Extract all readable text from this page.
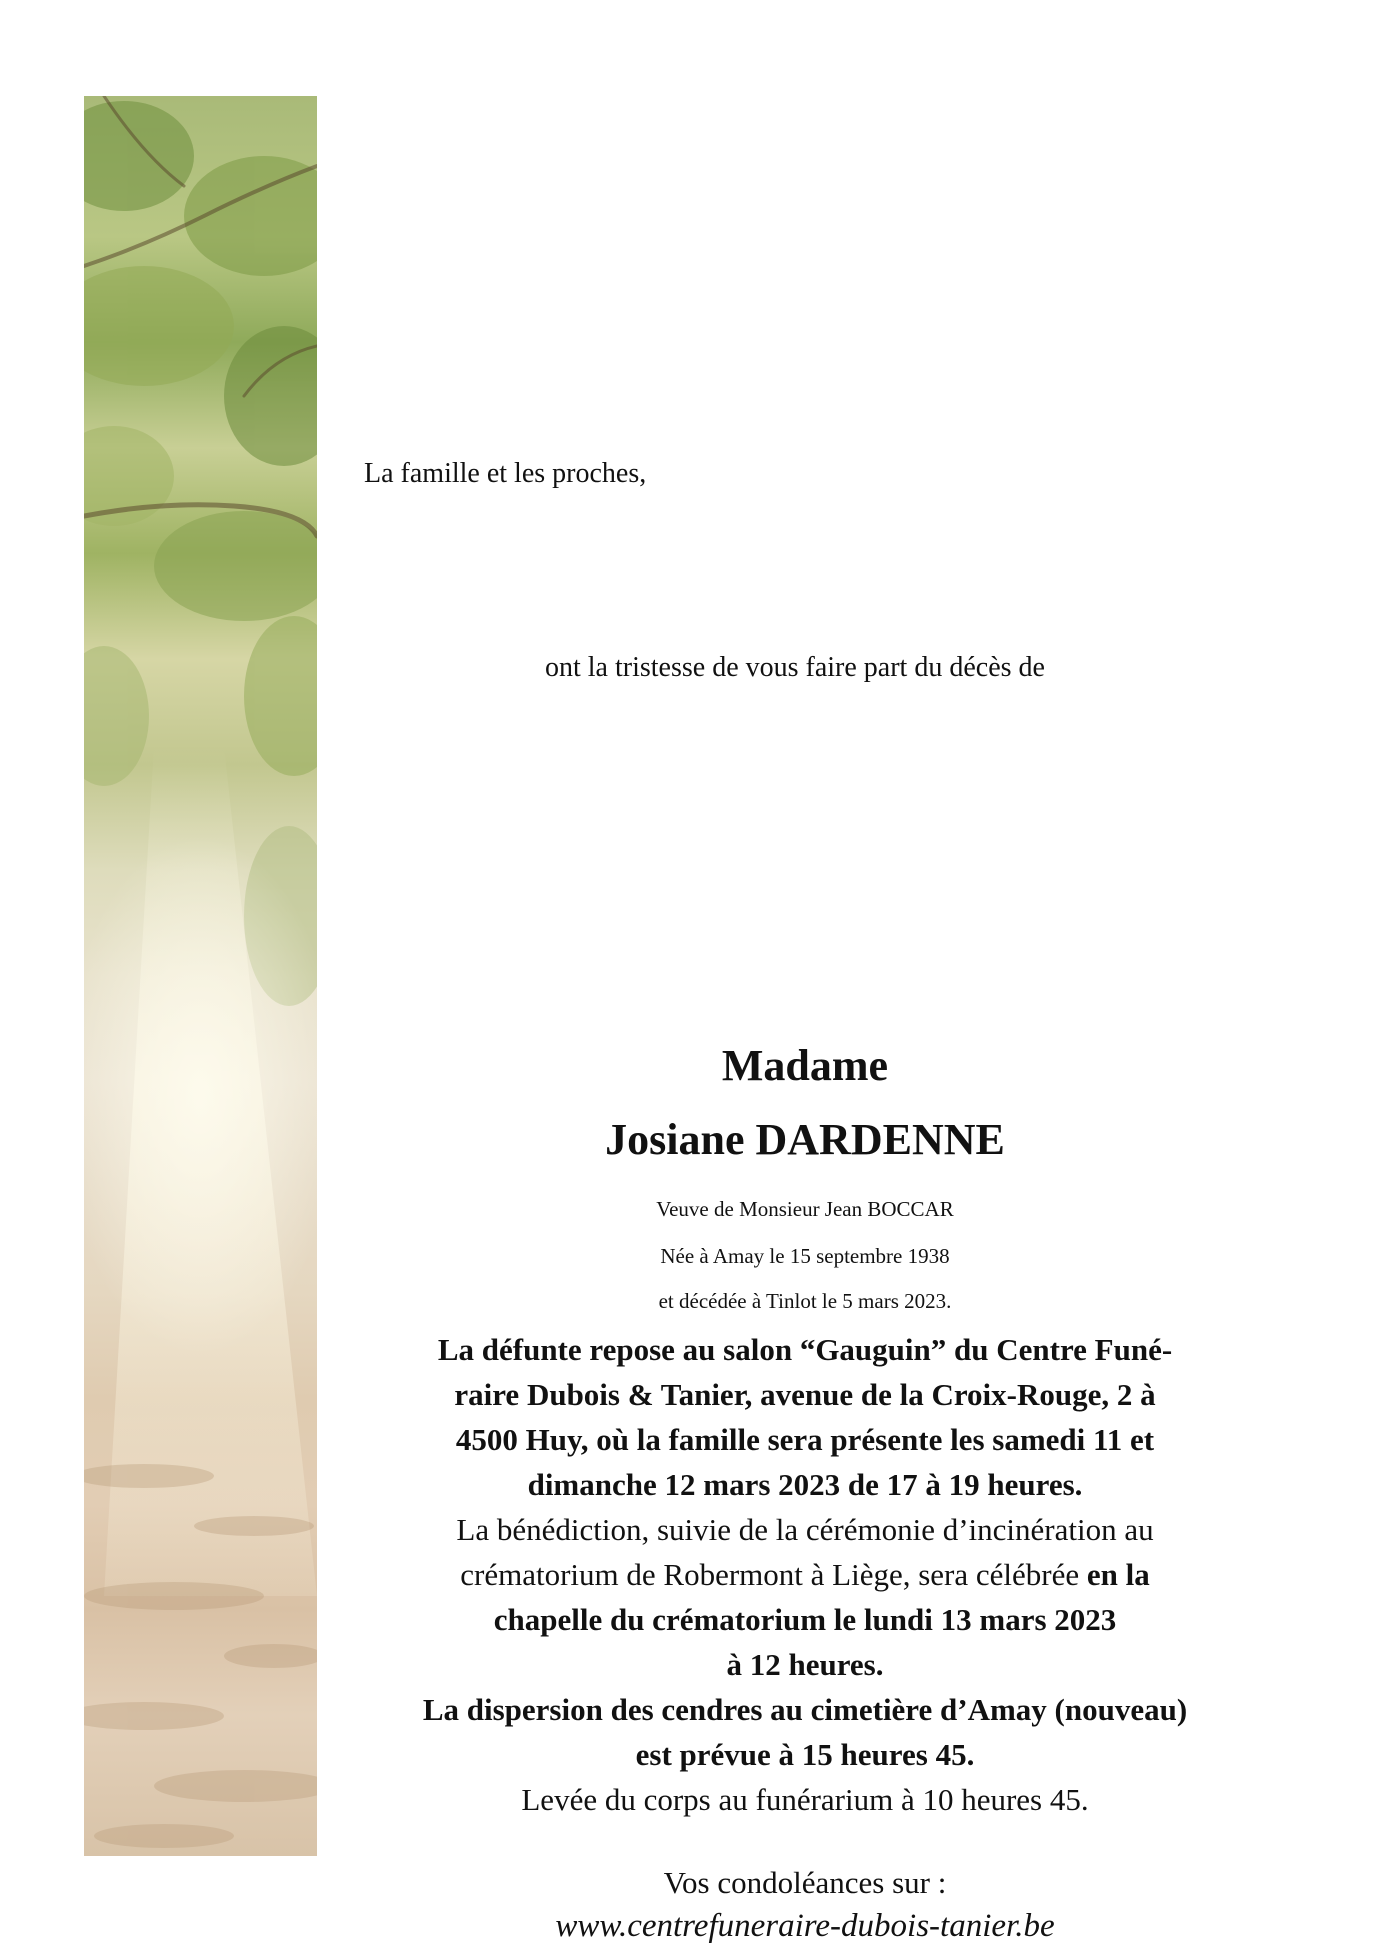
La famille et les proches,
ont la tristesse de vous faire part du décès de
Madame
Josiane DARDENNE
Veuve de Monsieur Jean BOCCAR
Née à Amay le 15 septembre 1938
et décédée à Tinlot le 5 mars 2023.
La défunte repose au salon “Gauguin” du Centre Funé-
raire Dubois & Tanier, avenue de la Croix-Rouge, 2 à
4500 Huy, où la famille sera présente les samedi 11 et
dimanche 12 mars 2023 de 17 à 19 heures.
La bénédiction, suivie de la cérémonie d’incinération au
crématorium de Robermont à Liège, sera célébrée en la
chapelle du crématorium le lundi 13 mars 2023
à 12 heures.
La dispersion des cendres au cimetière d’Amay (nouveau)
est prévue à 15 heures 45.
Levée du corps au funérarium à 10 heures 45.
Vos condoléances sur :
www.centrefuneraire-dubois-tanier.be
